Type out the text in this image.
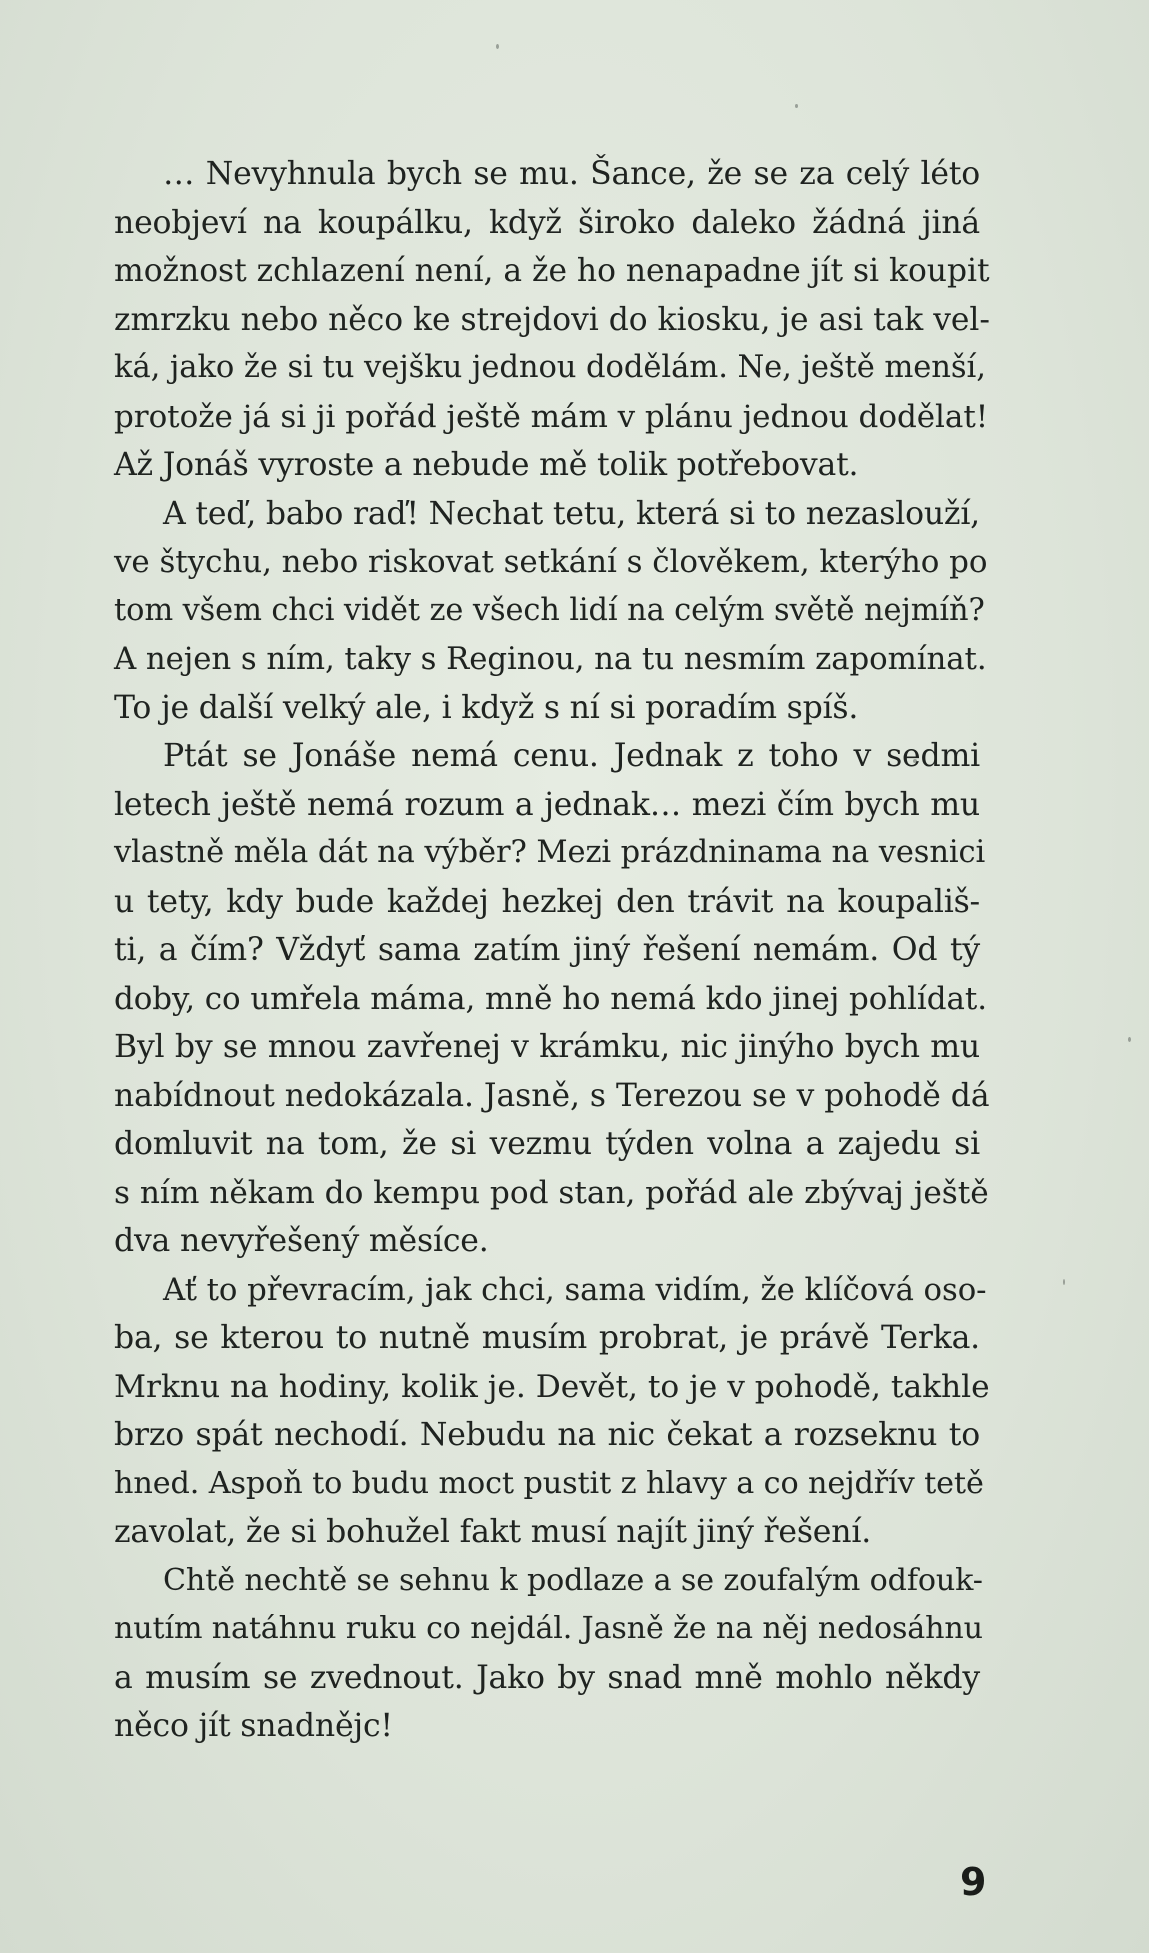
… Nevyhnula bych se mu. Šance, že se za celý léto
neobjeví na koupálku, když široko daleko žádná jiná
možnost zchlazení není, a že ho nenapadne jít si koupit
zmrzku nebo něco ke strejdovi do kiosku, je asi tak vel-
ká, jako že si tu vejšku jednou dodělám. Ne, ještě menší,
protože já si ji pořád ještě mám v plánu jednou dodělat!
Až Jonáš vyroste a nebude mě tolik potřebovat.
A teď, babo raď! Nechat tetu, která si to nezaslouží,
ve štychu, nebo riskovat setkání s člověkem, kterýho po
tom všem chci vidět ze všech lidí na celým světě nejmíň?
A nejen s ním, taky s Reginou, na tu nesmím zapomínat.
To je další velký ale, i když s ní si poradím spíš.
Ptát se Jonáše nemá cenu. Jednak z toho v sedmi
letech ještě nemá rozum a jednak… mezi čím bych mu
vlastně měla dát na výběr? Mezi prázdninama na vesnici
u tety, kdy bude každej hezkej den trávit na koupališ-
ti, a čím? Vždyť sama zatím jiný řešení nemám. Od tý
doby, co umřela máma, mně ho nemá kdo jinej pohlídat.
Byl by se mnou zavřenej v krámku, nic jinýho bych mu
nabídnout nedokázala. Jasně, s Terezou se v pohodě dá
domluvit na tom, že si vezmu týden volna a zajedu si
s ním někam do kempu pod stan, pořád ale zbývaj ještě
dva nevyřešený měsíce.
Ať to převracím, jak chci, sama vidím, že klíčová oso-
ba, se kterou to nutně musím probrat, je právě Terka.
Mrknu na hodiny, kolik je. Devět, to je v pohodě, takhle
brzo spát nechodí. Nebudu na nic čekat a rozseknu to
hned. Aspoň to budu moct pustit z hlavy a co nejdřív tetě
zavolat, že si bohužel fakt musí najít jiný řešení.
Chtě nechtě se sehnu k podlaze a se zoufalým odfouk-
nutím natáhnu ruku co nejdál. Jasně že na něj nedosáhnu
a musím se zvednout. Jako by snad mně mohlo někdy
něco jít snadnějc!
9
